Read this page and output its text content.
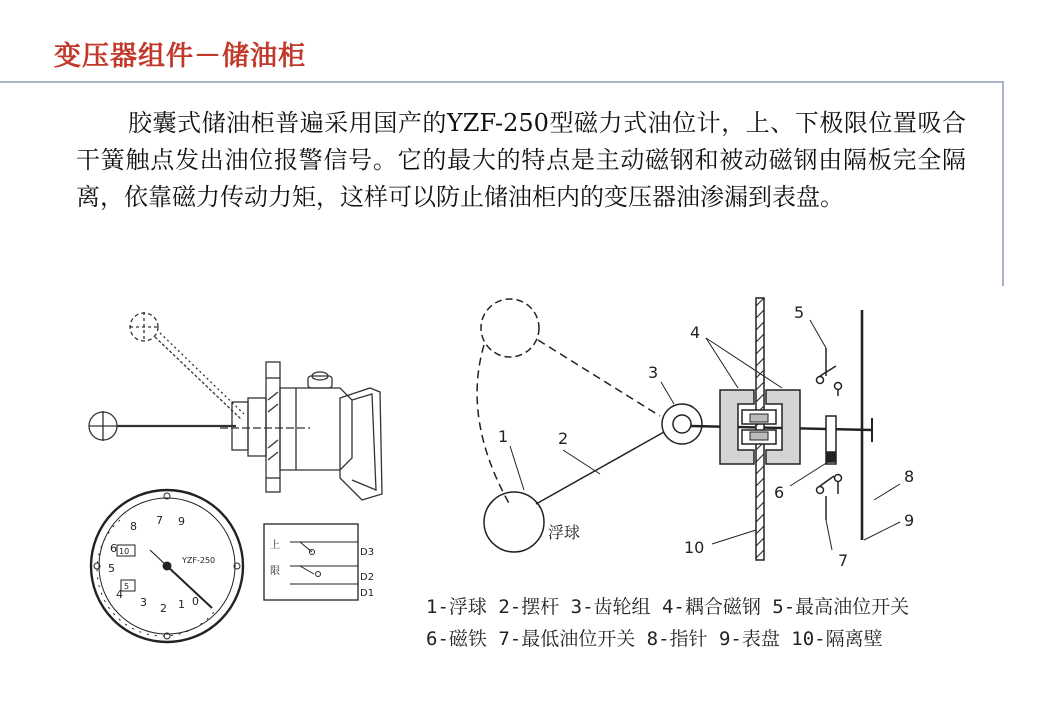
变压器组件－储油柜
胶囊式储油柜普遍采用国产的YZF-250型磁力式油位计，上、下极限位置吸合干簧触点发出油位报警信号。它的最大的特点是主动磁钢和被动磁钢由隔板完全隔离，依靠磁力传动力矩，这样可以防止储油柜内的变压器油渗漏到表盘。
8	9
7
6
5
4
3 2 1 0
10
5
YZF-250
上
限
D3
D2
D1
1	2
3
4
5
6
7
8
9
10
浮球
1-浮球 2-摆杆 3-齿轮组 4-耦合磁钢 5-最高油位开关
6-磁铁 7-最低油位开关 8-指针 9-表盘 10-隔离壁
